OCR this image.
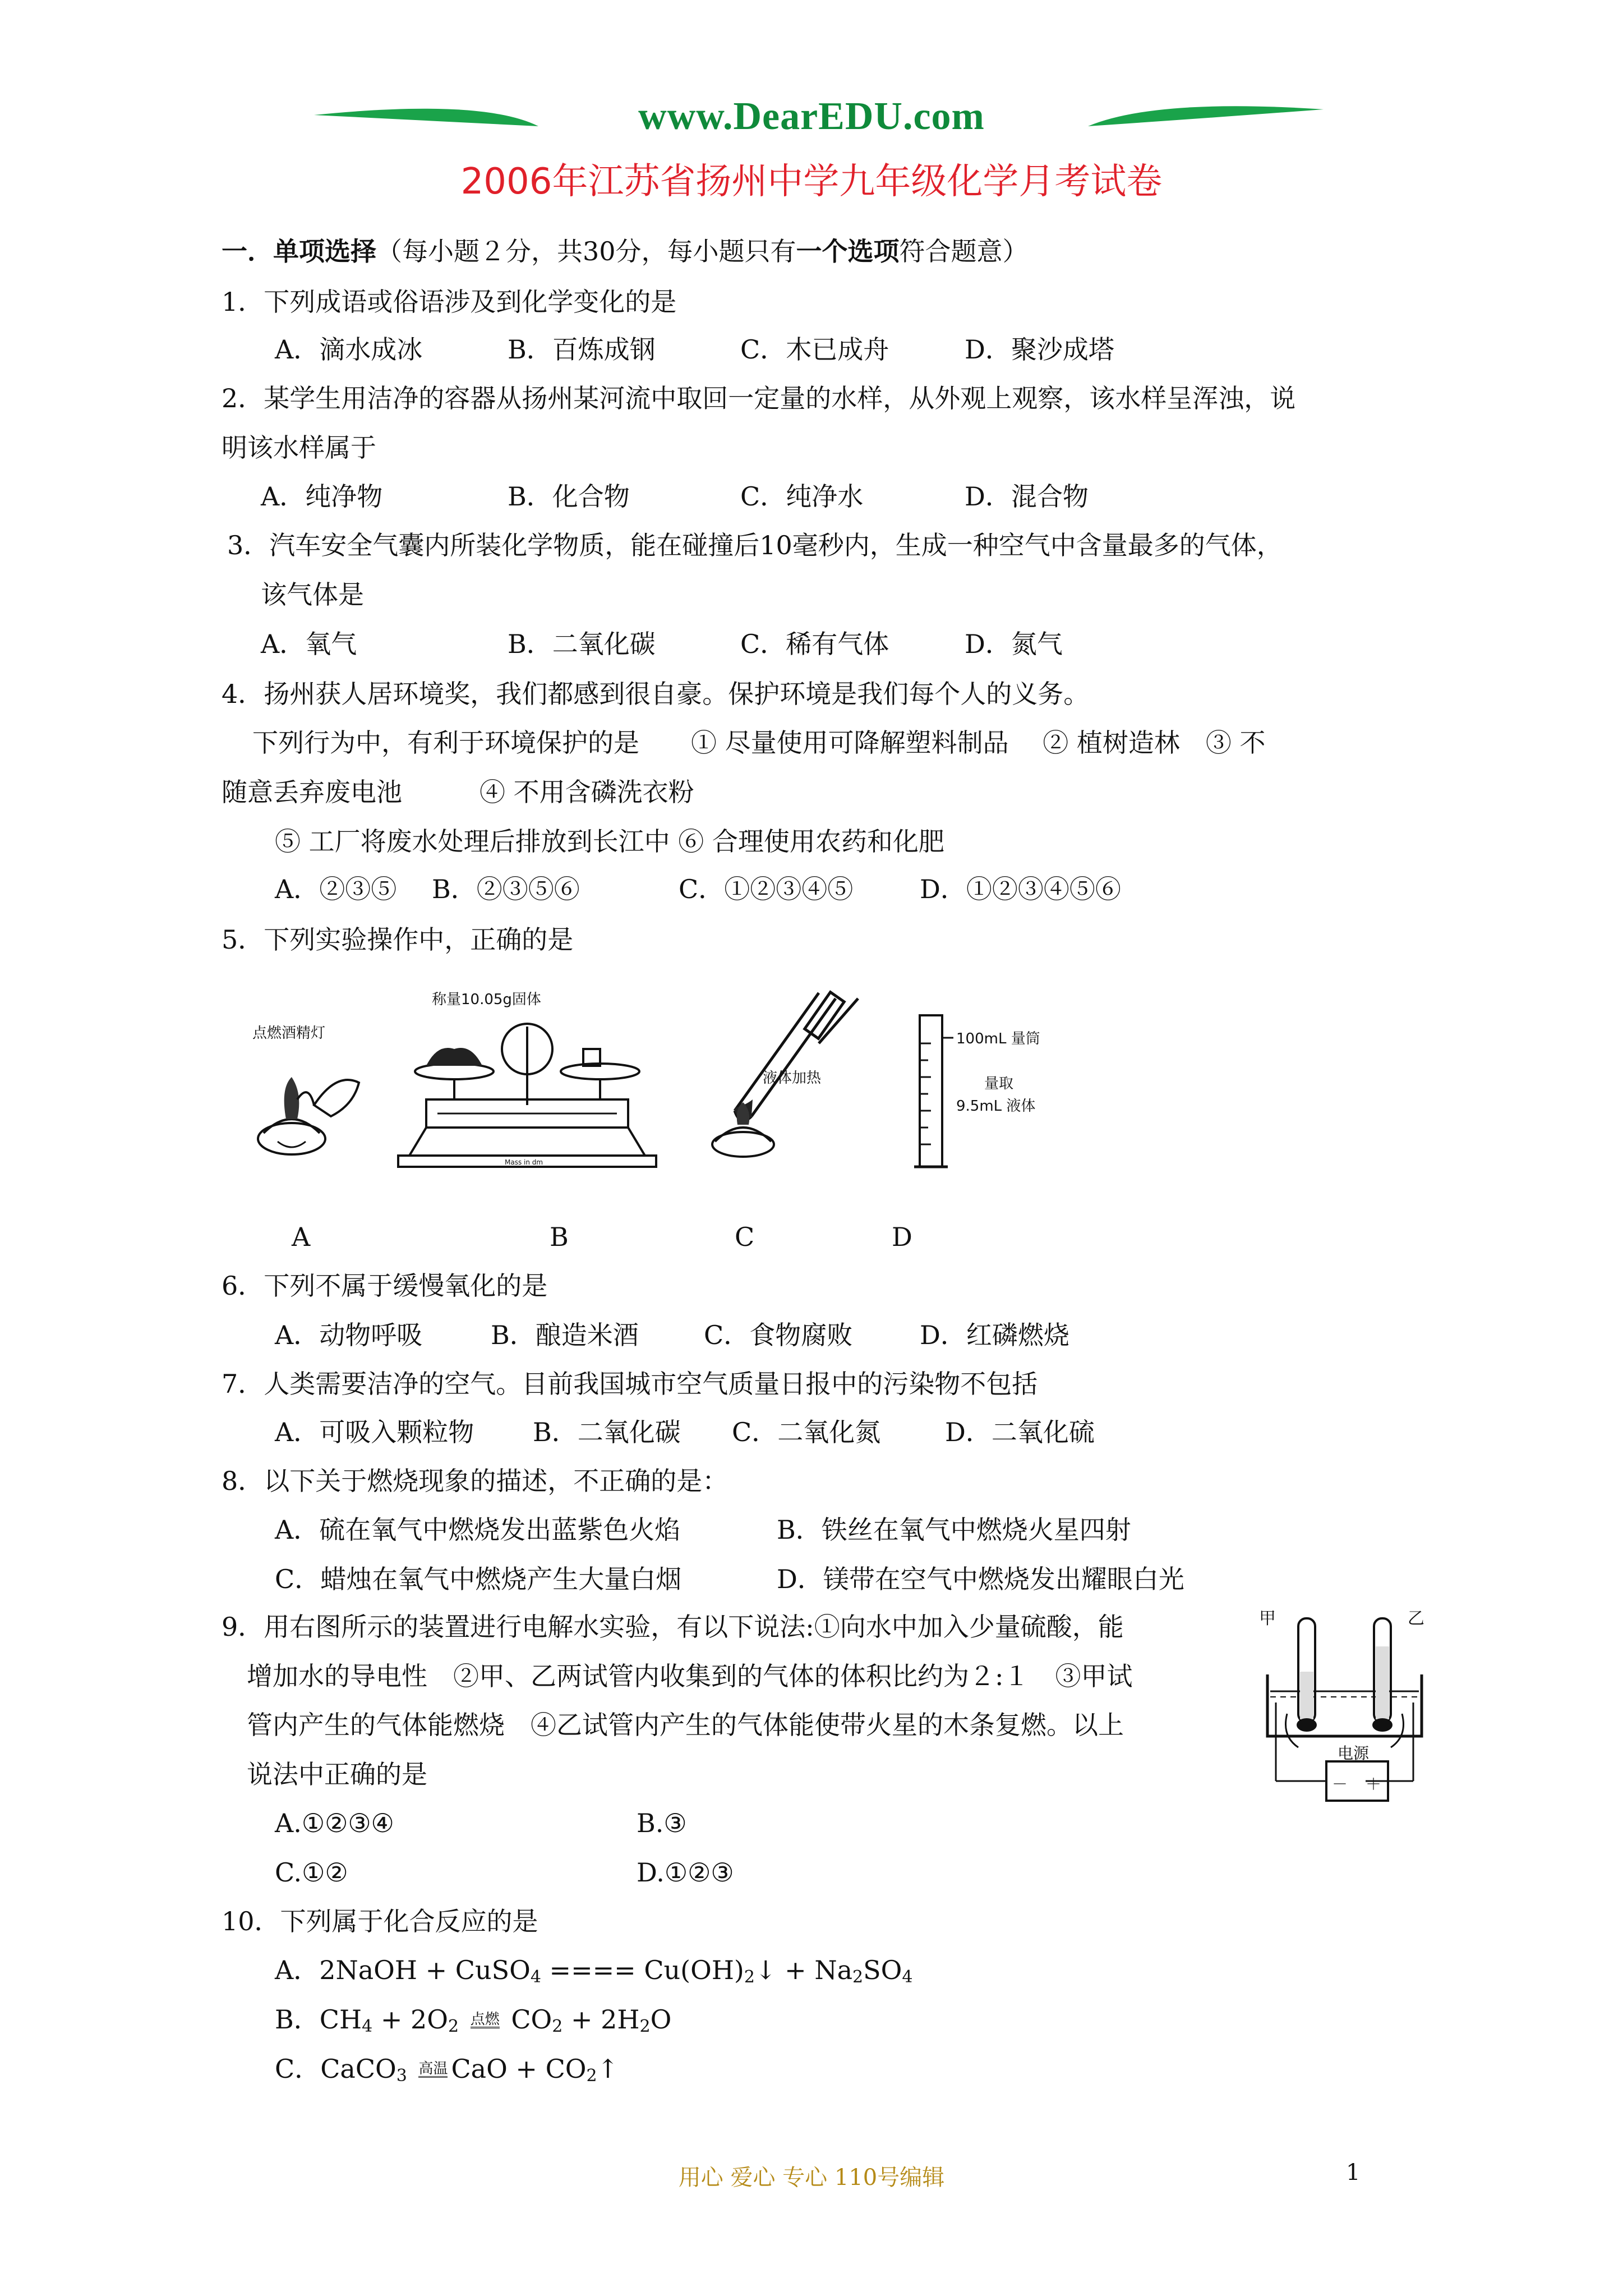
www.DearEDU.com
2006年江苏省扬州中学九年级化学月考试卷
一．单项选择（每小题２分，共30分，每小题只有一个选项符合题意）
1．下列成语或俗语涉及到化学变化的是
A．滴水成冰	B．百炼成钢	C．木已成舟	D．聚沙成塔
2．某学生用洁净的容器从扬州某河流中取回一定量的水样，从外观上观察，该水样呈浑浊，说
明该水样属于
A．纯净物	B．化合物	C．纯净水	D．混合物
3．汽车安全气囊内所装化学物质，能在碰撞后10毫秒内，生成一种空气中含量最多的气体，
该气体是
A．氧气	B．二氧化碳	C．稀有气体	D．氮气
4．扬州获人居环境奖，我们都感到很自豪。保护环境是我们每个人的义务。
下列行为中，有利于环境保护的是　　① 尽量使用可降解塑料制品　 ② 植树造林　③ 不
随意丢弃废电池　　　④ 不用含磷洗衣粉
⑤ 工厂将废水处理后排放到长江中 ⑥ 合理使用农药和化肥
A．②③⑤ B．②③⑤⑥	C．①②③④⑤	D．①②③④⑤⑥
5．下列实验操作中，正确的是
点燃酒精灯
称量10.05g固体
Mass in dm
液体加热
100mL 量筒
量取
9.5mL 液体
A	B	C	D
6．下列不属于缓慢氧化的是
A．动物呼吸	B．酿造米酒	C．食物腐败	D．红磷燃烧
7．人类需要洁净的空气。目前我国城市空气质量日报中的污染物不包括
A．可吸入颗粒物 B．二氧化碳 C．二氧化氮 D．二氧化硫
8．以下关于燃烧现象的描述，不正确的是：
A．硫在氧气中燃烧发出蓝紫色火焰	B．铁丝在氧气中燃烧火星四射
C．蜡烛在氧气中燃烧产生大量白烟	D．镁带在空气中燃烧发出耀眼白光
9．用右图所示的装置进行电解水实验，有以下说法:①向水中加入少量硫酸，能
增加水的导电性　②甲、乙两试管内收集到的气体的体积比约为２:１　③甲试
管内产生的气体能燃烧　④乙试管内产生的气体能使带火星的木条复燃。以上
说法中正确的是
A.①②③④	B.③
C.①②	D.①②③
甲	乙
电源
－ ＋
10．下列属于化合反应的是
A．2NaOH + CuSO$_4$ ==== $Cu(OH)_2↓ + Na_2SO_4$
B．$CH_4 + 2O_2$ 点燃 $CO_2 + 2H_2O$
C．CaCO$_3$ 高温 CaO + $CO_2↑$
用心 爱心 专心 110号编辑	1
